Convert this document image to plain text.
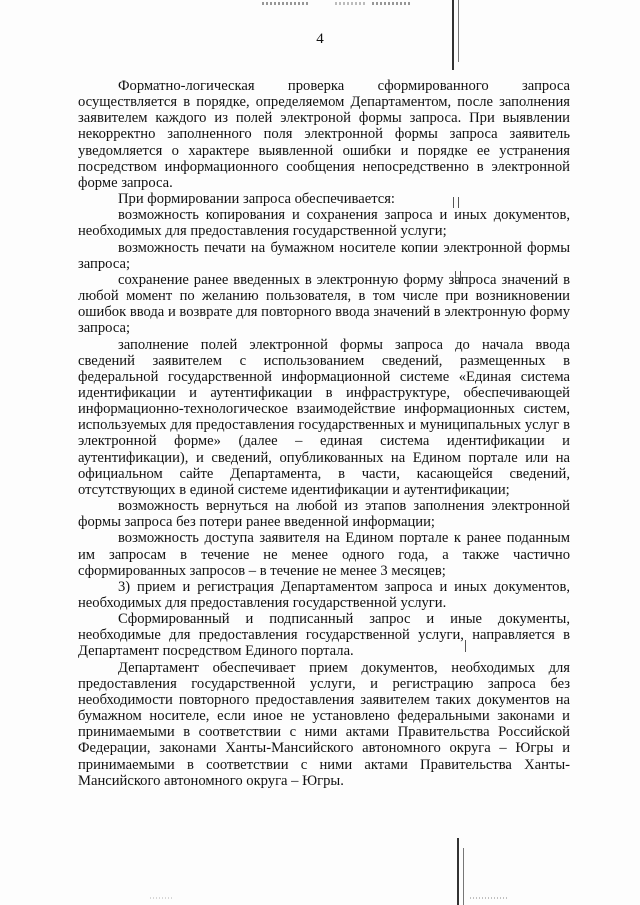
4

Форматно-логическая проверка сформированного запроса осуществляется в порядке, определяемом Департаментом, после заполнения заявителем каждого из полей электроной формы запроса. При выявлении некорректно заполненного поля электронной формы запроса заявитель уведомляется о характере выявленной ошибки и порядке ее устранения посредством информационного сообщения непосредственно в электронной форме запроса.

При формировании запроса обеспечивается:

возможность копирования и сохранения запроса и иных документов, необходимых для предоставления государственной услуги;

возможность печати на бумажном носителе копии электронной формы запроса;

сохранение ранее введенных в электронную форму запроса значений в любой момент по желанию пользователя, в том числе при возникновении ошибок ввода и возврате для повторного ввода значений в электронную форму запроса;

заполнение полей электронной формы запроса до начала ввода сведений заявителем с использованием сведений, размещенных в федеральной государственной информационной системе «Единая система идентификации и аутентификации в инфраструктуре, обеспечивающей информационно-технологическое взаимодействие информационных систем, используемых для предоставления государственных и муниципальных услуг в электронной форме» (далее – единая система идентификации и аутентификации), и сведений, опубликованных на Едином портале или на официальном сайте Департамента, в части, касающейся сведений, отсутствующих в единой системе идентификации и аутентификации;

возможность вернуться на любой из этапов заполнения электронной формы запроса без потери ранее введенной информации;

возможность доступа заявителя на Едином портале к ранее поданным им запросам в течение не менее одного года, а также частично сформированных запросов – в течение не менее 3 месяцев;

3) прием и регистрация Департаментом запроса и иных документов, необходимых для предоставления государственной услуги.

Сформированный и подписанный запрос и иные документы, необходимые для предоставления государственной услуги, направляется в Департамент посредством Единого портала.

Департамент обеспечивает прием документов, необходимых для предоставления государственной услуги, и регистрацию запроса без необходимости повторного предоставления заявителем таких документов на бумажном носителе, если иное не установлено федеральными законами и принимаемыми в соответствии с ними актами Правительства Российской Федерации, законами Ханты-Мансийского автономного округа – Югры и принимаемыми в соответствии с ними актами Правительства Ханты-Мансийского автономного округа – Югры.
